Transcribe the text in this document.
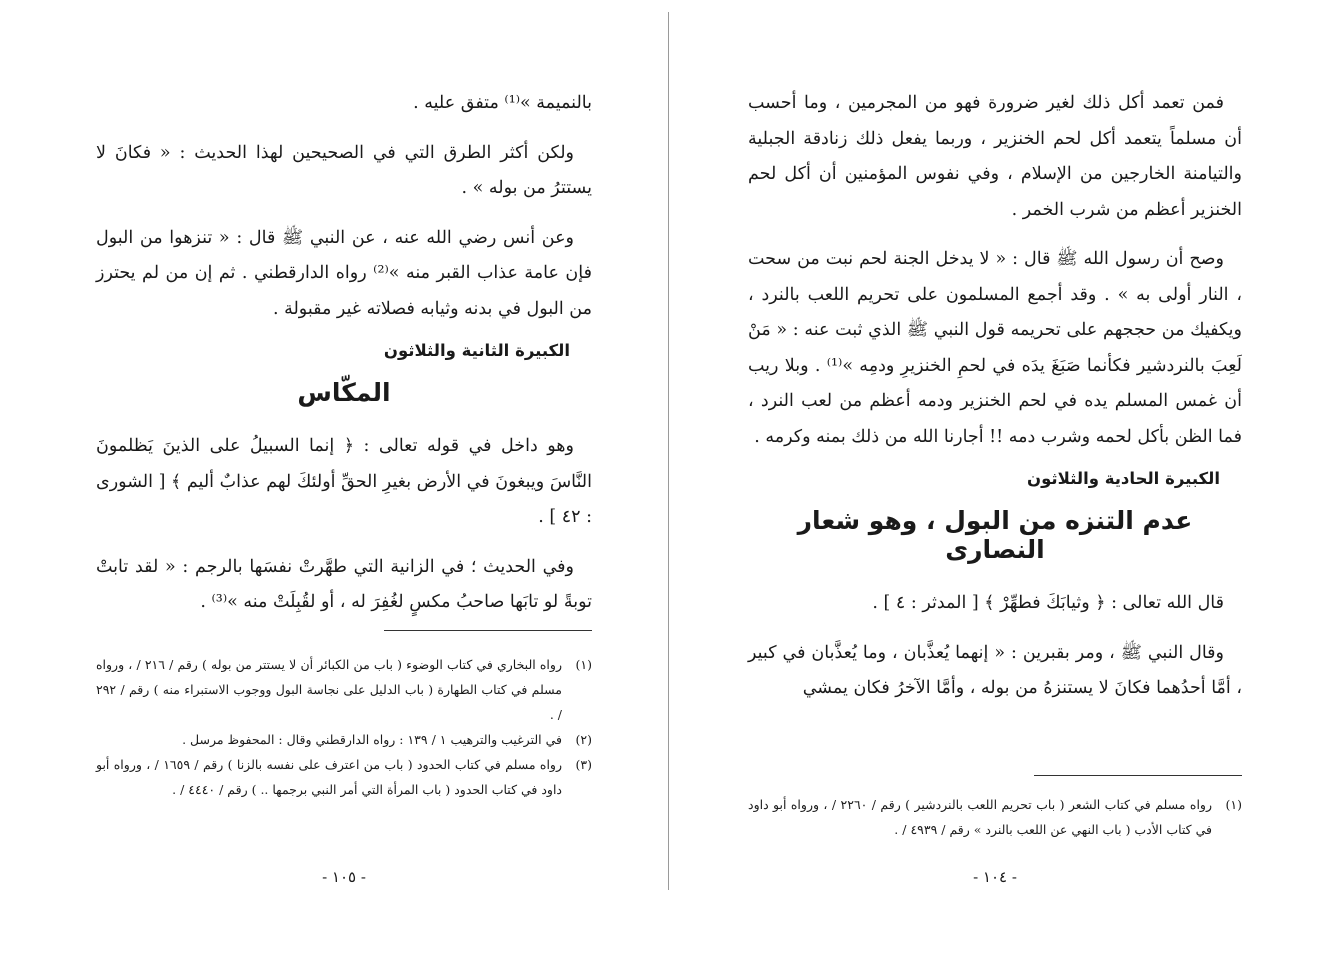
بالنميمة »⁽¹⁾ متفق عليه .

ولكن أكثر الطرق التي في الصحيحين لهذا الحديث : « فكانَ لا يستترُ من بوله » .

وعن أنس رضي الله عنه ، عن النبي ﷺ قال : « تنزهوا من البول فإن عامة عذاب القبر منه »⁽²⁾ رواه الدارقطني . ثم إن من لم يحترز من البول في بدنه وثيابه فصلاته غير مقبولة .

الكبيرة الثانية والثلاثون
المكّاس

وهو داخل في قوله تعالى : ﴿ إنما السبيلُ على الذينَ يَظلمونَ النَّاسَ ويبغونَ في الأرض بغيرِ الحقِّ أولئكَ لهم عذابٌ أليم ﴾ [ الشورى : ٤٢ ] .

وفي الحديث ؛ في الزانية التي طهَّرتْ نفسَها بالرجم : « لقد تابتْ توبةً لو تابَها صاحبُ مكسٍ لغُفِرَ له ، أو لقُبِلَتْ منه »⁽³⁾ .

(١)
رواه البخاري في كتاب الوضوء ( باب من الكبائر أن لا يستتر من بوله ) رقم / ٢١٦ / ، ورواه مسلم في كتاب الطهارة ( باب الدليل على نجاسة البول ووجوب الاستبراء منه ) رقم / ٢٩٢ / .
(٢)
في الترغيب والترهيب ١ / ١٣٩ : رواه الدارقطني وقال : المحفوظ مرسل .
(٣)
رواه مسلم في كتاب الحدود ( باب من اعترف على نفسه بالزنا ) رقم / ١٦٥٩ / ، ورواه أبو داود في كتاب الحدود ( باب المرأة التي أمر النبي برجمها .. ) رقم / ٤٤٤٠ / .
- ١٠٥ -

فمن تعمد أكل ذلك لغير ضرورة فهو من المجرمين ، وما أحسب أن مسلماً يتعمد أكل لحم الخنزير ، وربما يفعل ذلك زنادقة الجبلية والتيامنة الخارجين من الإسلام ، وفي نفوس المؤمنين أن أكل لحم الخنزير أعظم من شرب الخمر .

وصح أن رسول الله ﷺ قال : « لا يدخل الجنة لحم نبت من سحت ، النار أولى به » . وقد أجمع المسلمون على تحريم اللعب بالنرد ، ويكفيك من حججهم على تحريمه قول النبي ﷺ الذي ثبت عنه : « مَنْ لَعِبَ بالنردشير فكأنما صَبَغَ يدَه في لحمِ الخنزيرِ ودمِه »⁽¹⁾ . وبلا ريب أن غمس المسلم يده في لحم الخنزير ودمه أعظم من لعب النرد ، فما الظن بأكل لحمه وشرب دمه !! أجارنا الله من ذلك بمنه وكرمه .

الكبيرة الحادية والثلاثون
عدم التنزه من البول ، وهو شعار النصارى

قال الله تعالى : ﴿ وثيابَكَ فطهِّرْ ﴾ [ المدثر : ٤ ] .

وقال النبي ﷺ ، ومر بقبرين : « إنهما يُعذَّبان ، وما يُعذَّبان في كبير ، أمَّا أحدُهما فكانَ لا يستنزهُ من بوله ، وأمَّا الآخرُ فكان يمشي

(١)
رواه مسلم في كتاب الشعر ( باب تحريم اللعب بالنردشير ) رقم / ٢٢٦٠ / ، ورواه أبو داود في كتاب الأدب ( باب النهي عن اللعب بالنرد » رقم / ٤٩٣٩ / .
- ١٠٤ -
